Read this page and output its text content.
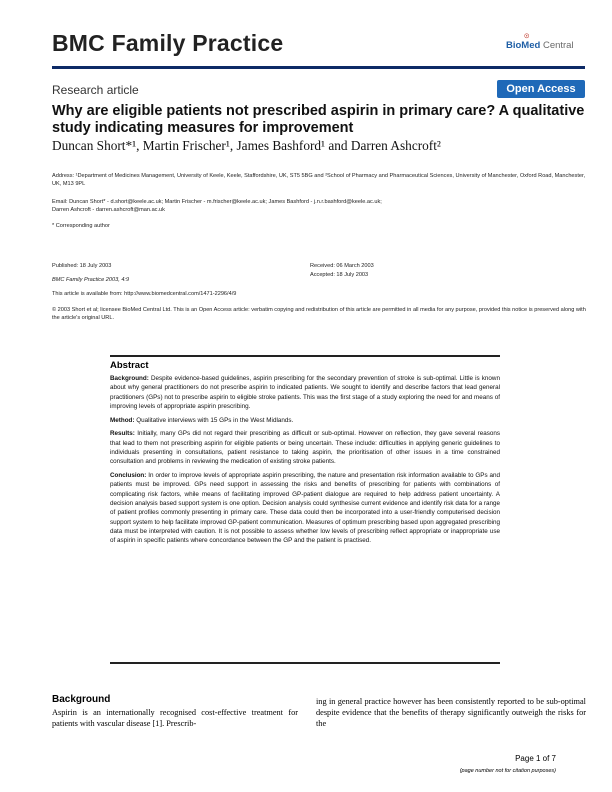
BMC Family Practice	☉
BioMed Central
Research article	Open Access
Why are eligible patients not prescribed aspirin in primary care? A qualitative study indicating measures for improvement
Duncan Short*¹, Martin Frischer¹, James Bashford¹ and Darren Ashcroft²
Address: ¹Department of Medicines Management, University of Keele, Keele, Staffordshire, UK, ST5 5BG and ²School of Pharmacy and Pharmaceutical Sciences, University of Manchester, Oxford Road, Manchester, UK, M13 9PL
Email: Duncan Short* - d.short@keele.ac.uk; Martin Frischer - m.frischer@keele.ac.uk; James Bashford - j.n.r.bashford@keele.ac.uk;
Darren Ashcroft - darren.ashcroft@man.ac.uk
* Corresponding author
Published: 18 July 2003	Received: 06 March 2003
Accepted: 18 July 2003
BMC Family Practice 2003, 4:9
This article is available from: http://www.biomedcentral.com/1471-2296/4/9
© 2003 Short et al; licensee BioMed Central Ltd. This is an Open Access article: verbatim copying and redistribution of this article are permitted in all media for any purpose, provided this notice is preserved along with the article's original URL.
Abstract

Background: Despite evidence-based guidelines, aspirin prescribing for the secondary prevention of stroke is sub-optimal. Little is known about why general practitioners do not prescribe aspirin to indicated patients. We sought to identify and describe factors that lead general practitioners (GPs) not to prescribe aspirin to eligible stroke patients. This was the first stage of a study exploring the need for and means of improving levels of appropriate aspirin prescribing.

Method: Qualitative interviews with 15 GPs in the West Midlands.

Results: Initially, many GPs did not regard their prescribing as difficult or sub-optimal. However on reflection, they gave several reasons that lead to them not prescribing aspirin for eligible patients or being uncertain. These include: difficulties in applying generic guidelines to individuals presenting in consultations, patient resistance to taking aspirin, the prioritisation of other issues in a time constrained consultation and problems in reviewing the medication of existing stroke patients.

Conclusion: In order to improve levels of appropriate aspirin prescribing, the nature and presentation risk information available to GPs and patients must be improved. GPs need support in assessing the risks and benefits of prescribing for patients with combinations of complicating risk factors, while means of facilitating improved GP-patient dialogue are required to help address patient uncertainty. A decision analysis based support system is one option. Decision analysis could synthesise current evidence and identify risk data for a range of patient profiles commonly presenting in primary care. These data could then be incorporated into a user-friendly computerised decision support system to help facilitate improved GP-patient communication. Measures of optimum prescribing based upon aggregated prescribing data must be interpreted with caution. It is not possible to assess whether low levels of prescribing reflect appropriate or inappropriate use of aspirin in specific patients where concordance between the GP and the patient is practised.

Background
Aspirin is an internationally recognised cost-effective treatment for patients with vascular disease [1]. Prescrib-
ing in general practice however has been consistently reported to be sub-optimal despite evidence that the benefits of therapy significantly outweigh the risks for the
Page 1 of 7
(page number not for citation purposes)
